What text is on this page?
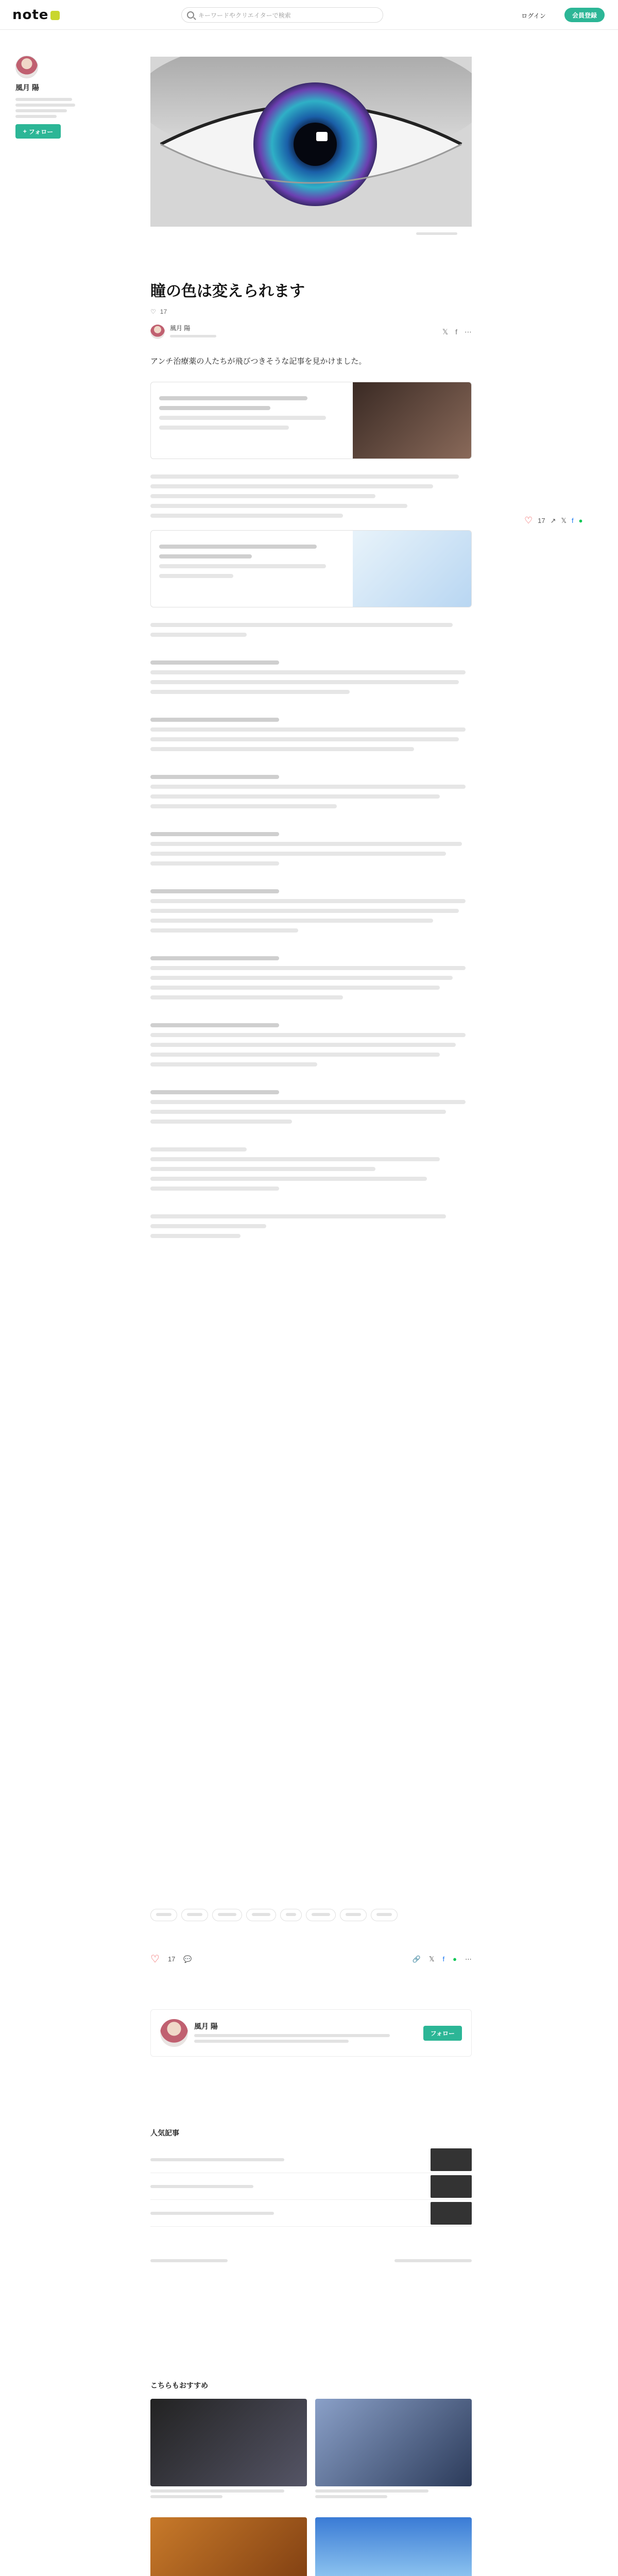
note	キーワードやクリエイターで検索	ログイン	会員登録
風月 陽
+ フォロー
瞳の色は変えられます
♡ 17
風月 陽	𝕏 f ⋯
アンチ治療薬の人たちが飛びつきそうな記事を見かけました。
♡ 17 ↗ 𝕏 f ●
♡ 17 💬	🔗 𝕏 f ● ⋯
風月 陽
フォロー
人気記事
こちらもおすすめ
